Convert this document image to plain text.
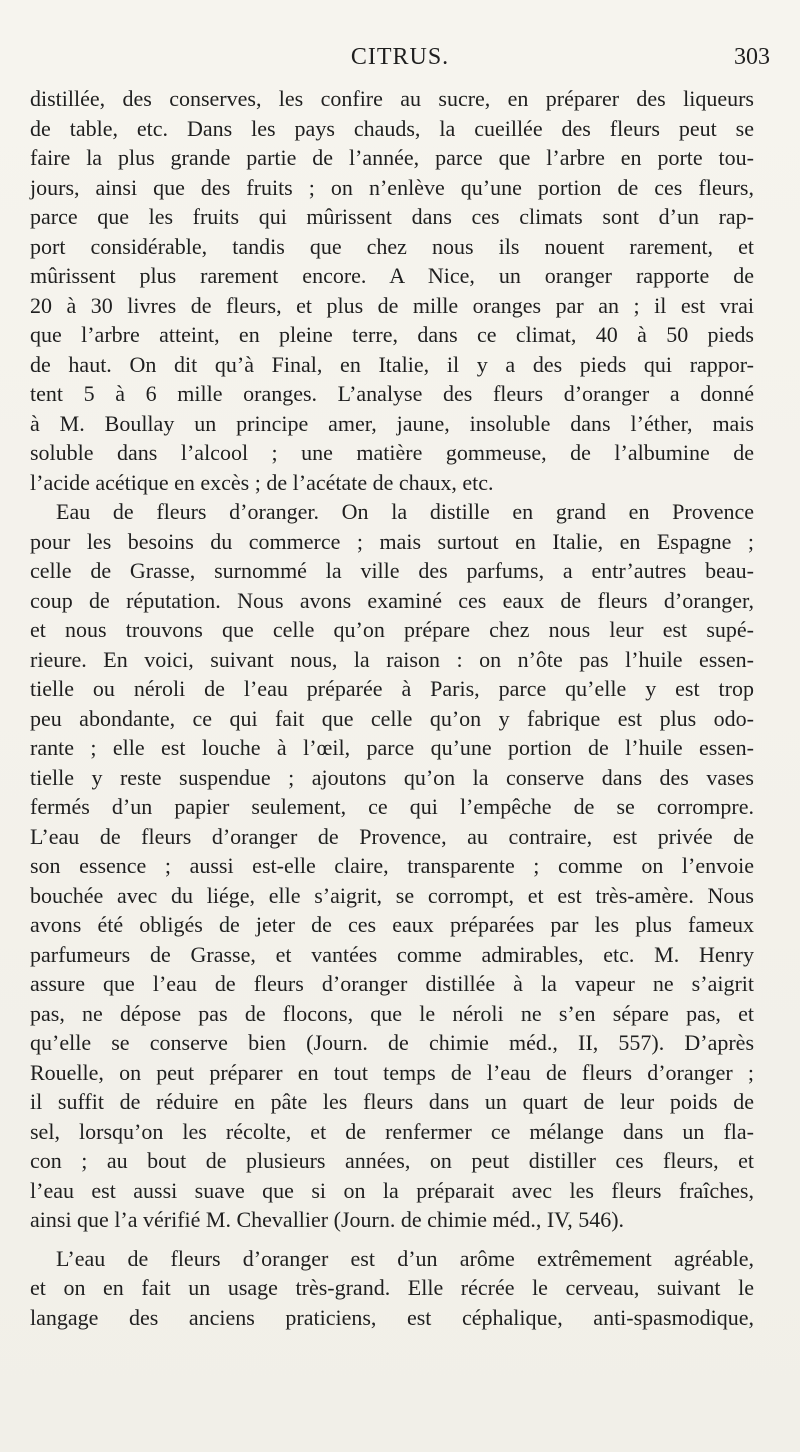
CITRUS.	303
distillée, des conserves, les confire au sucre, en préparer des liqueurs
de table, etc. Dans les pays chauds, la cueillée des fleurs peut se
faire la plus grande partie de l’année, parce que l’arbre en porte tou-
jours, ainsi que des fruits ; on n’enlève qu’une portion de ces fleurs,
parce que les fruits qui mûrissent dans ces climats sont d’un rap-
port considérable, tandis que chez nous ils nouent rarement, et
mûrissent plus rarement encore. A Nice, un oranger rapporte de
20 à 30 livres de fleurs, et plus de mille oranges par an ; il est vrai
que l’arbre atteint, en pleine terre, dans ce climat, 40 à 50 pieds
de haut. On dit qu’à Final, en Italie, il y a des pieds qui rappor-
tent 5 à 6 mille oranges. L’analyse des fleurs d’oranger a donné
à M. Boullay un principe amer, jaune, insoluble dans l’éther, mais
soluble dans l’alcool ; une matière gommeuse, de l’albumine de
l’acide acétique en excès ; de l’acétate de chaux, etc.
Eau de fleurs d’oranger. On la distille en grand en Provence
pour les besoins du commerce ; mais surtout en Italie, en Espagne ;
celle de Grasse, surnommé la ville des parfums, a entr’autres beau-
coup de réputation. Nous avons examiné ces eaux de fleurs d’oranger,
et nous trouvons que celle qu’on prépare chez nous leur est supé-
rieure. En voici, suivant nous, la raison : on n’ôte pas l’huile essen-
tielle ou néroli de l’eau préparée à Paris, parce qu’elle y est trop
peu abondante, ce qui fait que celle qu’on y fabrique est plus odo-
rante ; elle est louche à l’œil, parce qu’une portion de l’huile essen-
tielle y reste suspendue ; ajoutons qu’on la conserve dans des vases
fermés d’un papier seulement, ce qui l’empêche de se corrompre.
L’eau de fleurs d’oranger de Provence, au contraire, est privée de
son essence ; aussi est-elle claire, transparente ; comme on l’envoie
bouchée avec du liége, elle s’aigrit, se corrompt, et est très-amère. Nous
avons été obligés de jeter de ces eaux préparées par les plus fameux
parfumeurs de Grasse, et vantées comme admirables, etc. M. Henry
assure que l’eau de fleurs d’oranger distillée à la vapeur ne s’aigrit
pas, ne dépose pas de flocons, que le néroli ne s’en sépare pas, et
qu’elle se conserve bien (Journ. de chimie méd., II, 557). D’après
Rouelle, on peut préparer en tout temps de l’eau de fleurs d’oranger ;
il suffit de réduire en pâte les fleurs dans un quart de leur poids de
sel, lorsqu’on les récolte, et de renfermer ce mélange dans un fla-
con ; au bout de plusieurs années, on peut distiller ces fleurs, et
l’eau est aussi suave que si on la préparait avec les fleurs fraîches,
ainsi que l’a vérifié M. Chevallier (Journ. de chimie méd., IV, 546).
L’eau de fleurs d’oranger est d’un arôme extrêmement agréable,
et on en fait un usage très-grand. Elle récrée le cerveau, suivant le
langage des anciens praticiens, est céphalique, anti-spasmodique,
